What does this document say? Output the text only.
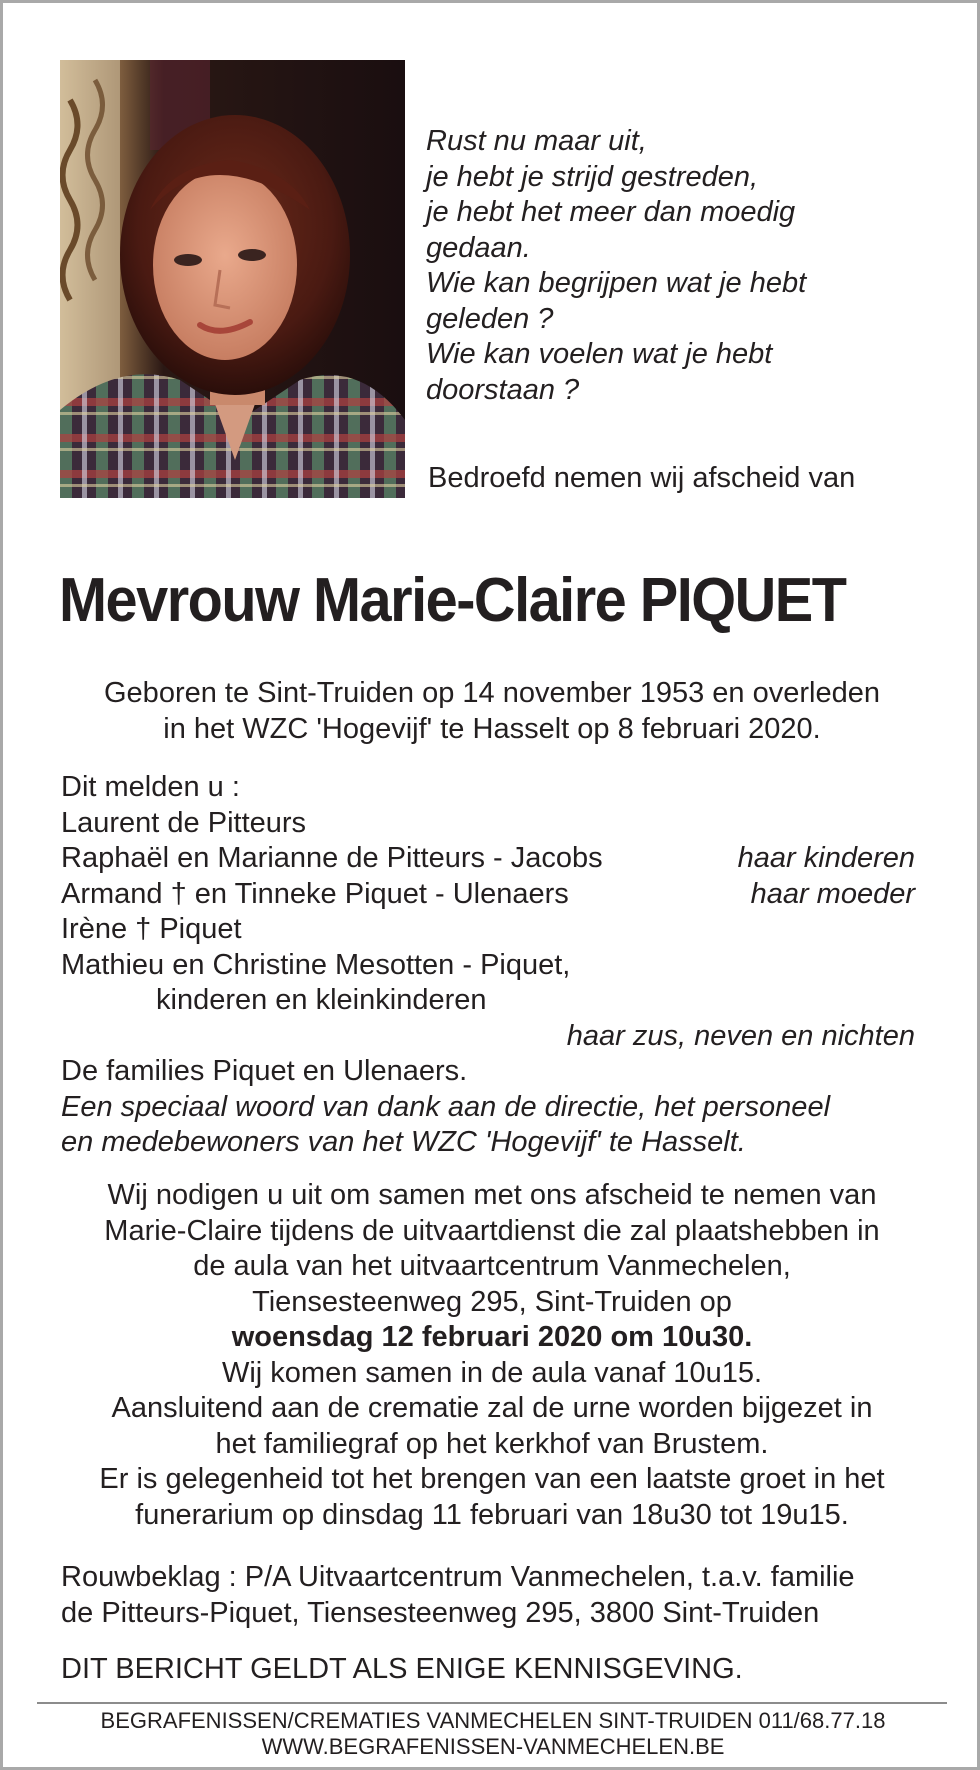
Rust nu maar uit,
je hebt je strijd gestreden,
je hebt het meer dan moedig
gedaan.
Wie kan begrijpen wat je hebt
geleden ?
Wie kan voelen wat je hebt
doorstaan ?
Bedroefd nemen wij afscheid van
Mevrouw Marie-Claire PIQUET
Geboren te Sint-Truiden op 14 november 1953 en overleden
in het WZC 'Hogevijf' te Hasselt op 8 februari 2020.
Dit melden u :
Laurent de Pitteurs
Raphaël en Marianne de Pitteurs - Jacobs	haar kinderen
Armand † en Tinneke Piquet - Ulenaers	haar moeder
Irène † Piquet
Mathieu en Christine Mesotten - Piquet,
kinderen en kleinkinderen
haar zus, neven en nichten
De families Piquet en Ulenaers.
Een speciaal woord van dank aan de directie, het personeel
en medebewoners van het WZC 'Hogevijf' te Hasselt.
Wij nodigen u uit om samen met ons afscheid te nemen van
Marie-Claire tijdens de uitvaartdienst die zal plaatshebben in
de aula van het uitvaartcentrum Vanmechelen,
Tiensesteenweg 295, Sint-Truiden op
woensdag 12 februari 2020 om 10u30.
Wij komen samen in de aula vanaf 10u15.
Aansluitend aan de crematie zal de urne worden bijgezet in
het familiegraf op het kerkhof van Brustem.
Er is gelegenheid tot het brengen van een laatste groet in het
funerarium op dinsdag 11 februari van 18u30 tot 19u15.
Rouwbeklag : P/A Uitvaartcentrum Vanmechelen, t.a.v. familie
de Pitteurs-Piquet, Tiensesteenweg 295, 3800 Sint-Truiden
DIT BERICHT GELDT ALS ENIGE KENNISGEVING.
BEGRAFENISSEN/CREMATIES VANMECHELEN SINT-TRUIDEN 011/68.77.18
WWW.BEGRAFENISSEN-VANMECHELEN.BE
